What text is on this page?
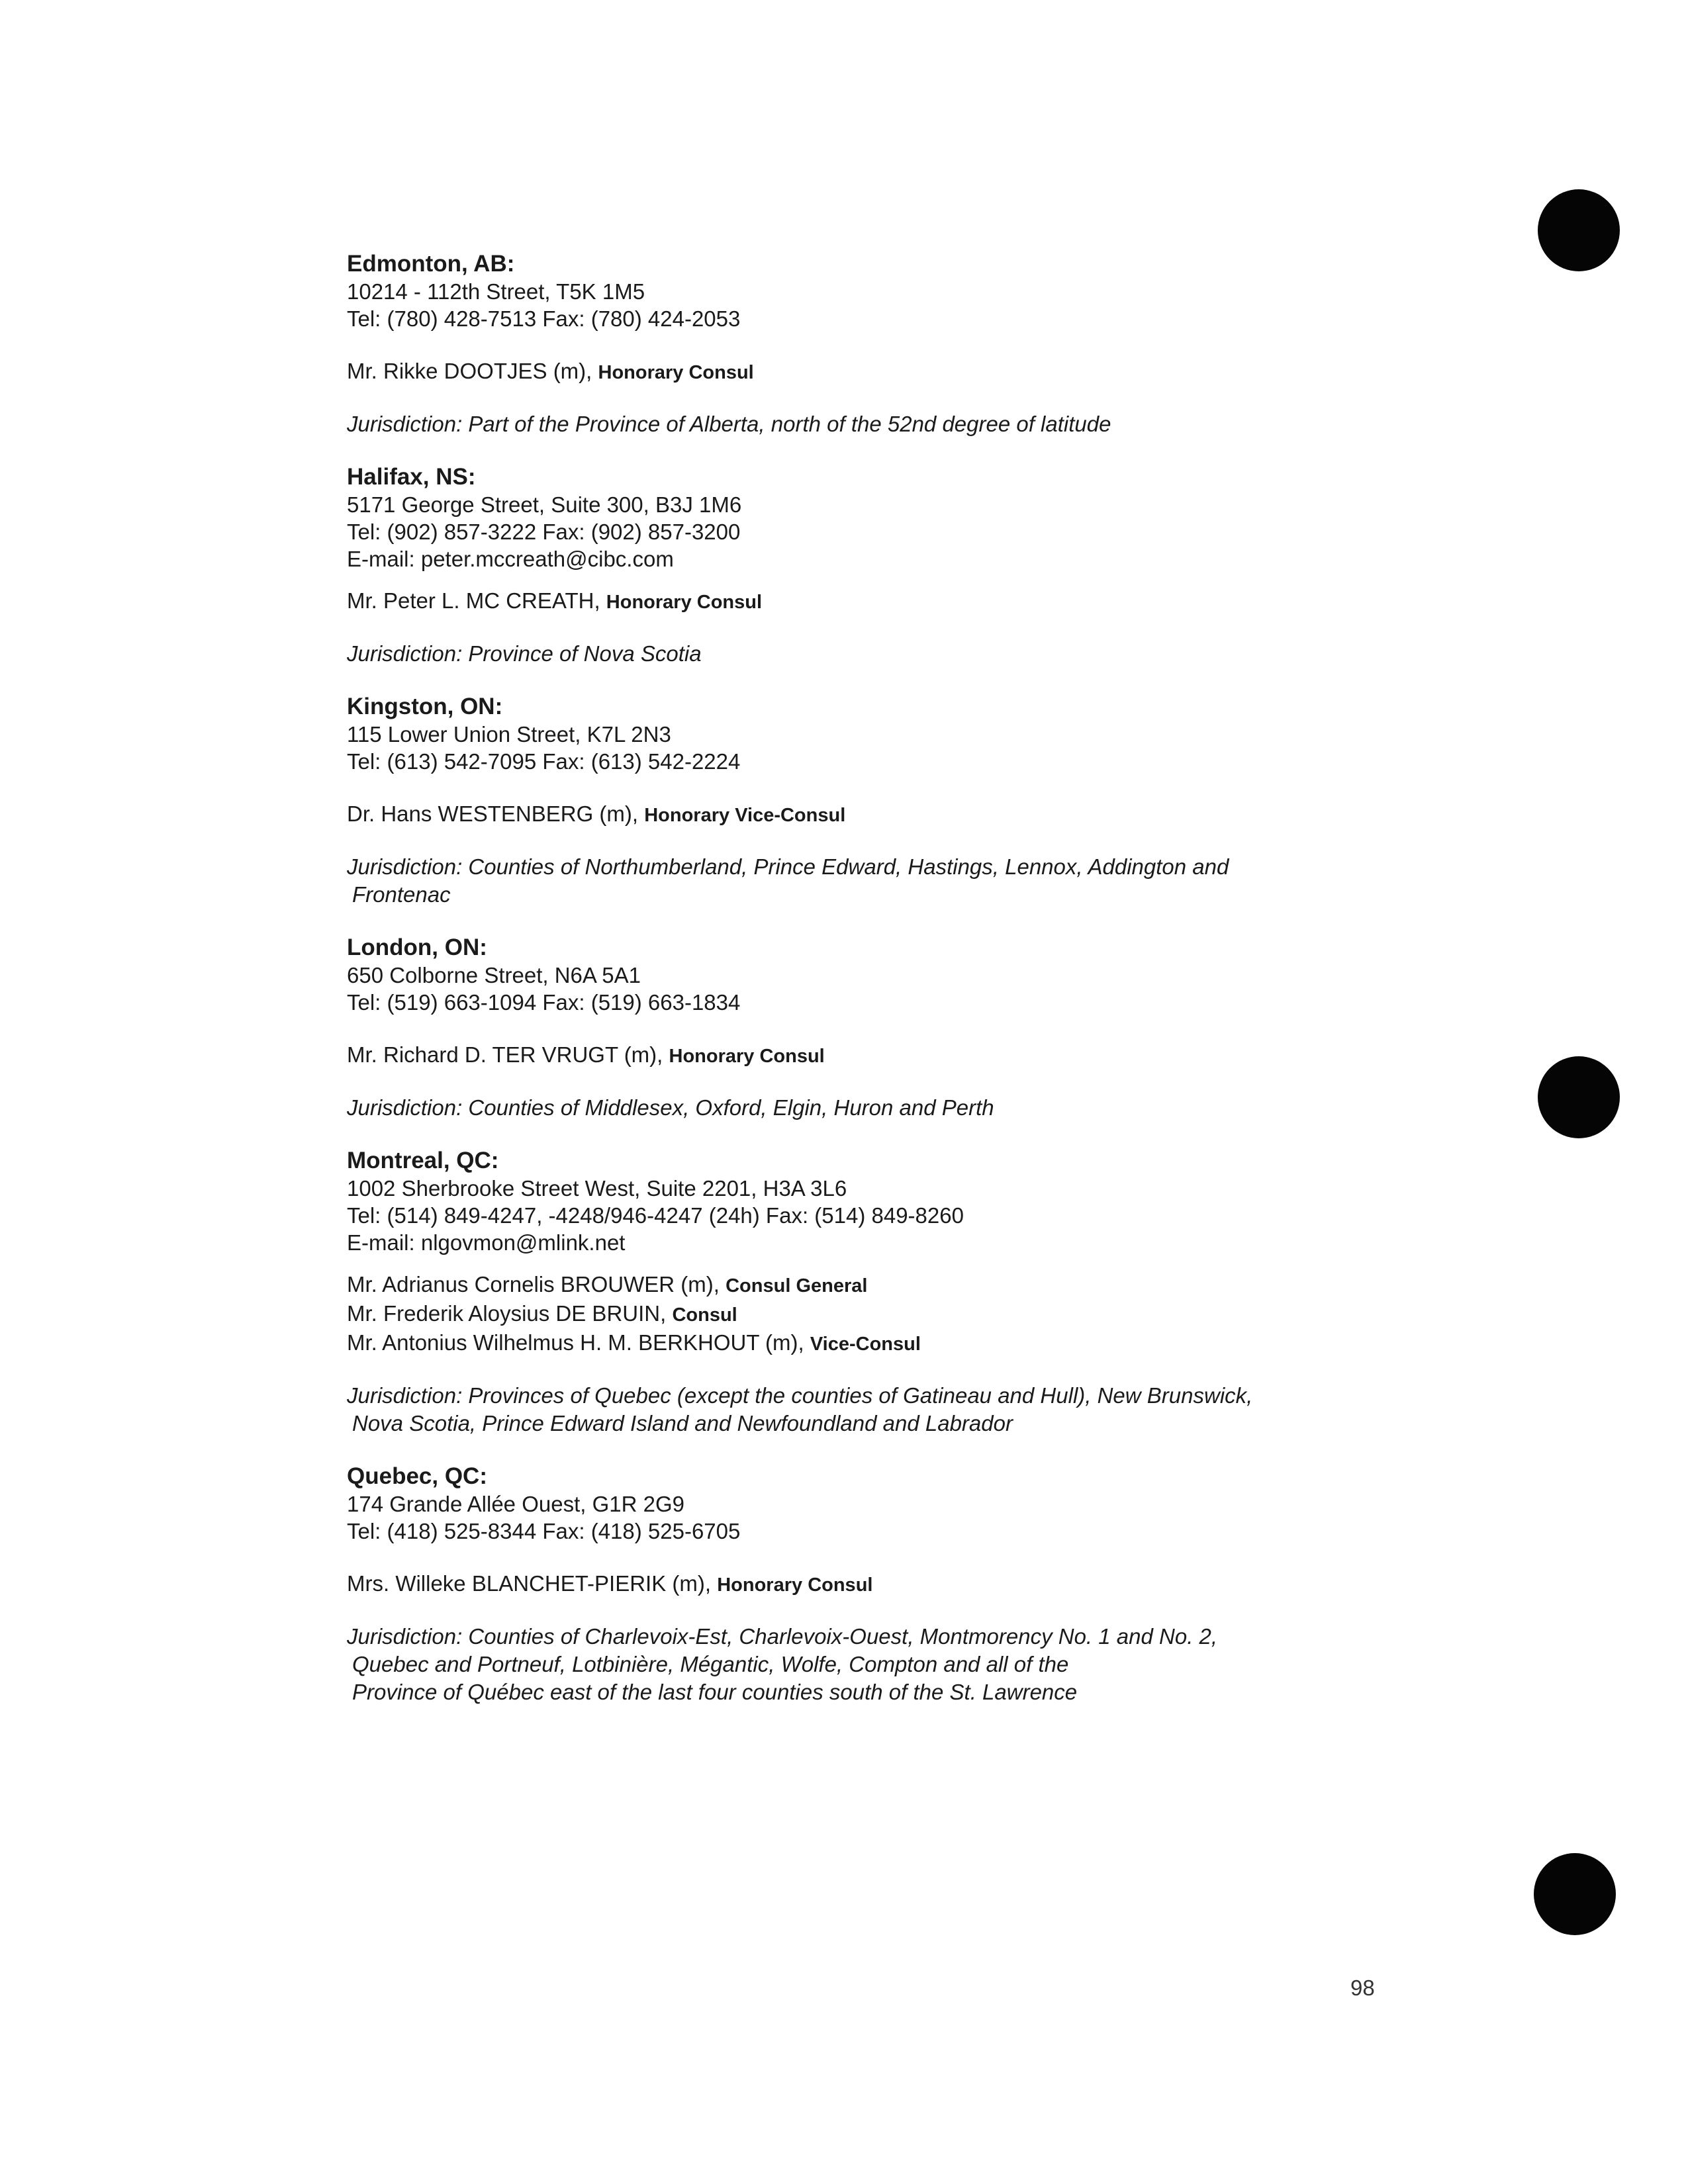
Edmonton, AB:
10214 - 112th Street, T5K 1M5
Tel: (780) 428-7513 Fax: (780) 424-2053
Mr. Rikke DOOTJES (m), Honorary Consul
Jurisdiction: Part of the Province of Alberta, north of the 52nd degree of latitude
Halifax, NS:
5171 George Street, Suite 300, B3J 1M6
Tel: (902) 857-3222 Fax: (902) 857-3200
E-mail: peter.mccreath@cibc.com
Mr. Peter L. MC CREATH, Honorary Consul
Jurisdiction: Province of Nova Scotia
Kingston, ON:
115 Lower Union Street, K7L 2N3
Tel: (613) 542-7095 Fax: (613) 542-2224
Dr. Hans WESTENBERG (m), Honorary Vice-Consul
Jurisdiction: Counties of Northumberland, Prince Edward, Hastings, Lennox, Addington and
Frontenac
London, ON:
650 Colborne Street, N6A 5A1
Tel: (519) 663-1094 Fax: (519) 663-1834
Mr. Richard D. TER VRUGT (m), Honorary Consul
Jurisdiction: Counties of Middlesex, Oxford, Elgin, Huron and Perth
Montreal, QC:
1002 Sherbrooke Street West, Suite 2201, H3A 3L6
Tel: (514) 849-4247, -4248/946-4247 (24h) Fax: (514) 849-8260
E-mail: nlgovmon@mlink.net
Mr. Adrianus Cornelis BROUWER (m), Consul General
Mr. Frederik Aloysius DE BRUIN, Consul
Mr. Antonius Wilhelmus H. M. BERKHOUT (m), Vice-Consul
Jurisdiction: Provinces of Quebec (except the counties of Gatineau and Hull), New Brunswick,
Nova Scotia, Prince Edward Island and Newfoundland and Labrador
Quebec, QC:
174 Grande Allée Ouest, G1R 2G9
Tel: (418) 525-8344 Fax: (418) 525-6705
Mrs. Willeke BLANCHET-PIERIK (m), Honorary Consul
Jurisdiction: Counties of Charlevoix-Est, Charlevoix-Ouest, Montmorency No. 1 and No. 2,
Quebec and Portneuf, Lotbinière, Mégantic, Wolfe, Compton and all of the
Province of Québec east of the last four counties south of the St. Lawrence
98
